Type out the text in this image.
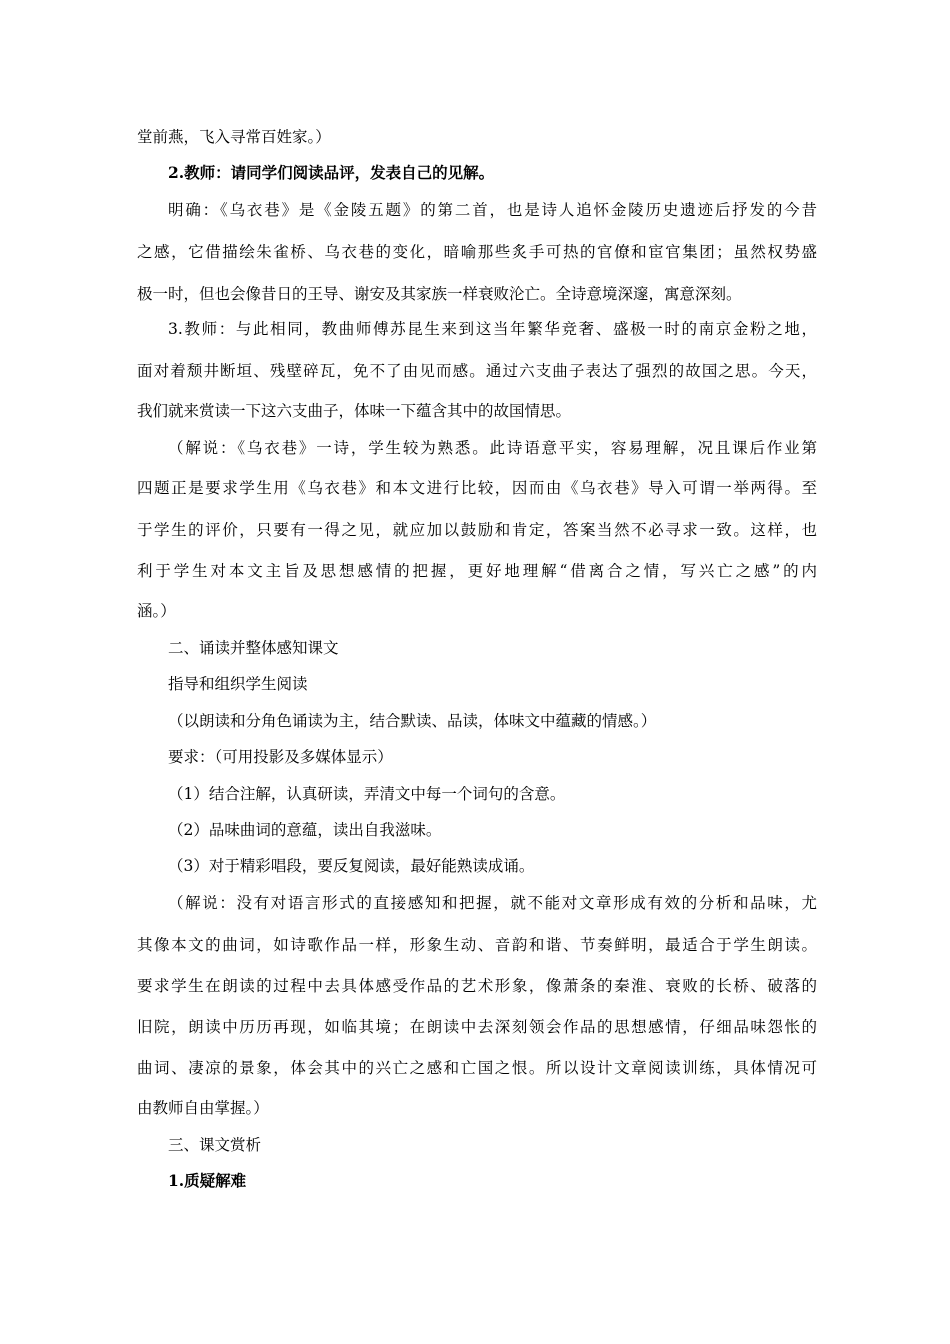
堂前燕，飞入寻常百姓家。）
2.教师：请同学们阅读品评，发表自己的见解。
明确：《乌衣巷》是《金陵五题》的第二首，也是诗人追怀金陵历史遗迹后抒发的今昔
之感，它借描绘朱雀桥、乌衣巷的变化，暗喻那些炙手可热的官僚和宦官集团；虽然权势盛
极一时，但也会像昔日的王导、谢安及其家族一样衰败沦亡。全诗意境深邃，寓意深刻。
3.教师：与此相同，教曲师傅苏昆生来到这当年繁华竞奢、盛极一时的南京金粉之地，
面对着颓井断垣、残壁碎瓦，免不了由见而感。通过六支曲子表达了强烈的故国之思。今天，
我们就来赏读一下这六支曲子，体味一下蕴含其中的故国情思。
（解说：《乌衣巷》一诗，学生较为熟悉。此诗语意平实，容易理解，况且课后作业第
四题正是要求学生用《乌衣巷》和本文进行比较，因而由《乌衣巷》导入可谓一举两得。至
于学生的评价，只要有一得之见，就应加以鼓励和肯定，答案当然不必寻求一致。这样，也
利于学生对本文主旨及思想感情的把握，更好地理解“借离合之情，写兴亡之感”的内
涵。）
二、诵读并整体感知课文
指导和组织学生阅读
（以朗读和分角色诵读为主，结合默读、品读，体味文中蕴藏的情感。）
要求：（可用投影及多媒体显示）
（1）结合注解，认真研读，弄清文中每一个词句的含意。
（2）品味曲词的意蕴，读出自我滋味。
（3）对于精彩唱段，要反复阅读，最好能熟读成诵。
（解说：没有对语言形式的直接感知和把握，就不能对文章形成有效的分析和品味，尤
其像本文的曲词，如诗歌作品一样，形象生动、音韵和谐、节奏鲜明，最适合于学生朗读。
要求学生在朗读的过程中去具体感受作品的艺术形象，像萧条的秦淮、衰败的长桥、破落的
旧院，朗读中历历再现，如临其境；在朗读中去深刻领会作品的思想感情，仔细品味怨怅的
曲词、凄凉的景象，体会其中的兴亡之感和亡国之恨。所以设计文章阅读训练，具体情况可
由教师自由掌握。）
三、课文赏析
1.质疑解难
